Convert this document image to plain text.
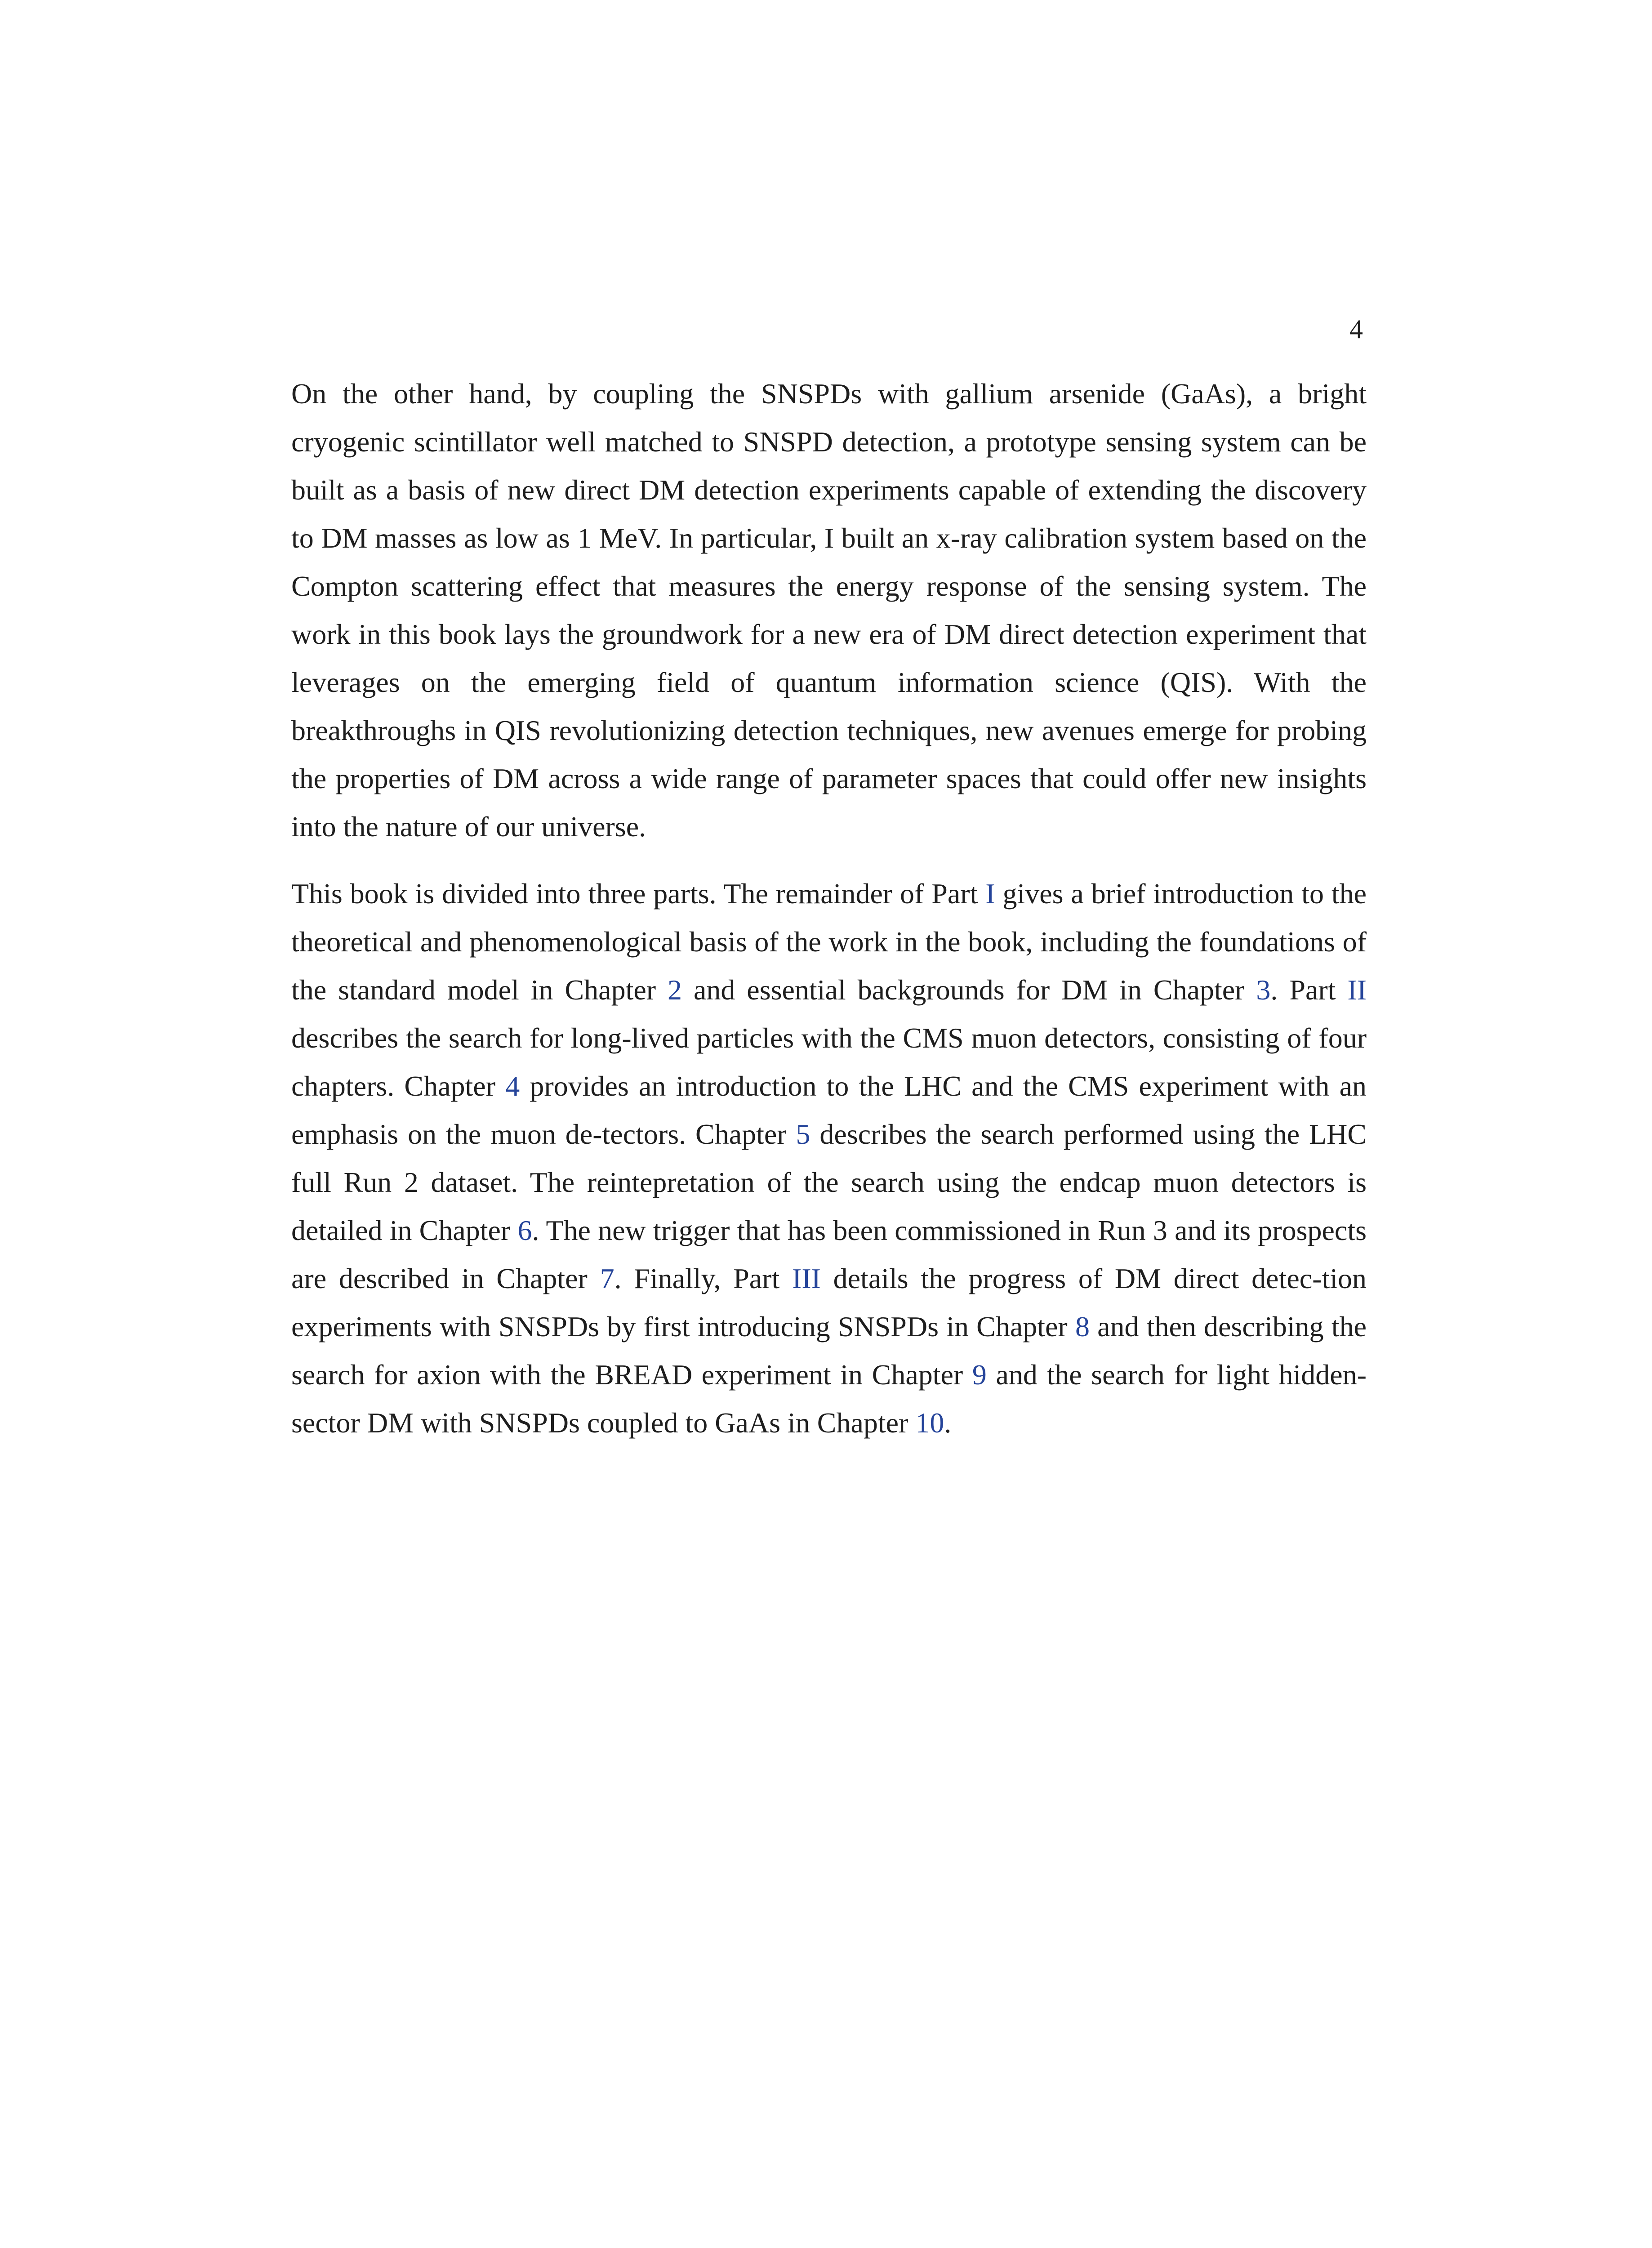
4

On the other hand, by coupling the SNSPDs with gallium arsenide (GaAs), a bright cryogenic scintillator well matched to SNSPD detection, a prototype sensing system can be built as a basis of new direct DM detection experiments capable of extending the discovery to DM masses as low as 1 MeV. In particular, I built an x-ray calibration system based on the Compton scattering effect that measures the energy response of the sensing system. The work in this book lays the groundwork for a new era of DM direct detection experiment that leverages on the emerging field of quantum information science (QIS). With the breakthroughs in QIS revolutionizing detection techniques, new avenues emerge for probing the properties of DM across a wide range of parameter spaces that could offer new insights into the nature of our universe.

This book is divided into three parts. The remainder of Part I gives a brief introduction to the theoretical and phenomenological basis of the work in the book, including the foundations of the standard model in Chapter 2 and essential backgrounds for DM in Chapter 3. Part II describes the search for long-lived particles with the CMS muon detectors, consisting of four chapters. Chapter 4 provides an introduction to the LHC and the CMS experiment with an emphasis on the muon de-tectors. Chapter 5 describes the search performed using the LHC full Run 2 dataset. The reintepretation of the search using the endcap muon detectors is detailed in Chapter 6. The new trigger that has been commissioned in Run 3 and its prospects are described in Chapter 7. Finally, Part III details the progress of DM direct detec-tion experiments with SNSPDs by first introducing SNSPDs in Chapter 8 and then describing the search for axion with the BREAD experiment in Chapter 9 and the search for light hidden-sector DM with SNSPDs coupled to GaAs in Chapter 10.
